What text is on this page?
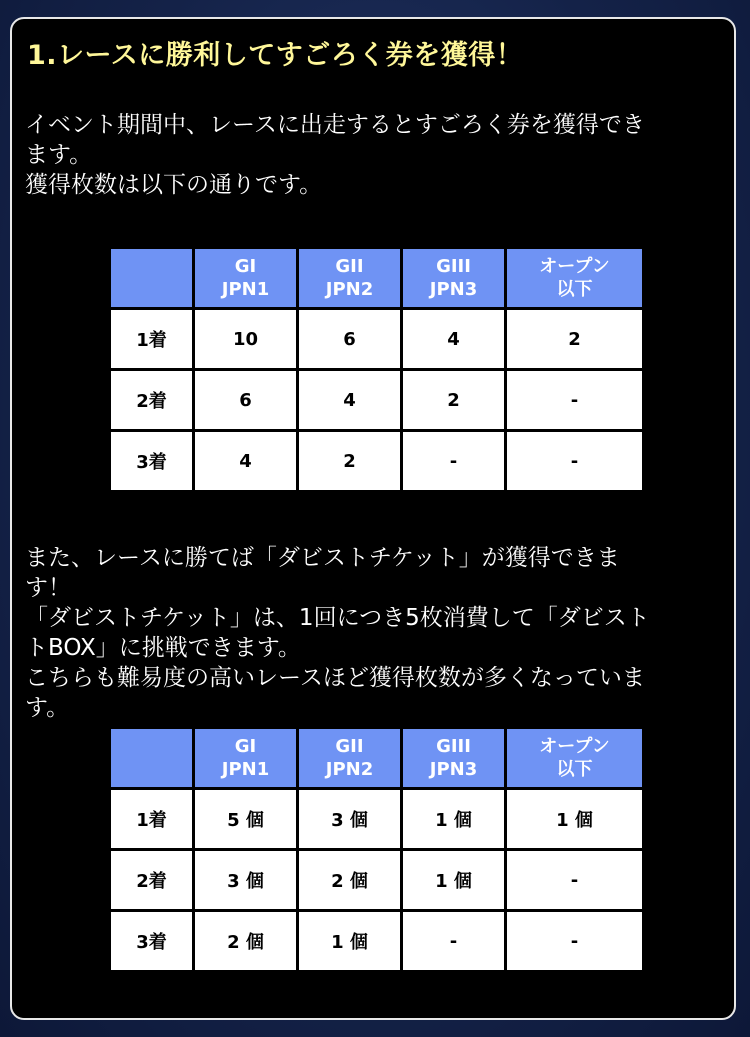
1.レースに勝利してすごろく券を獲得！
イベント期間中、レースに出走するとすごろく券を獲得でき
ます。
獲得枚数は以下の通りです。

	GI
JPN1	GII
JPN2	GIII
JPN3	オープン
以下

1着	10	6	4	2
2着	6	4	2	-
3着	4	2	-	-
また、レースに勝てば「ダビストチケット」が獲得できま
す！
「ダビストチケット」は、1回につき5枚消費して「ダビスト
トBOX」に挑戦できます。
こちらも難易度の高いレースほど獲得枚数が多くなっていま
す。

	GI
JPN1	GII
JPN2	GIII
JPN3	オープン
以下

1着	5 個	3 個	1 個	1 個
2着	3 個	2 個	1 個	-
3着	2 個	1 個	-	-
